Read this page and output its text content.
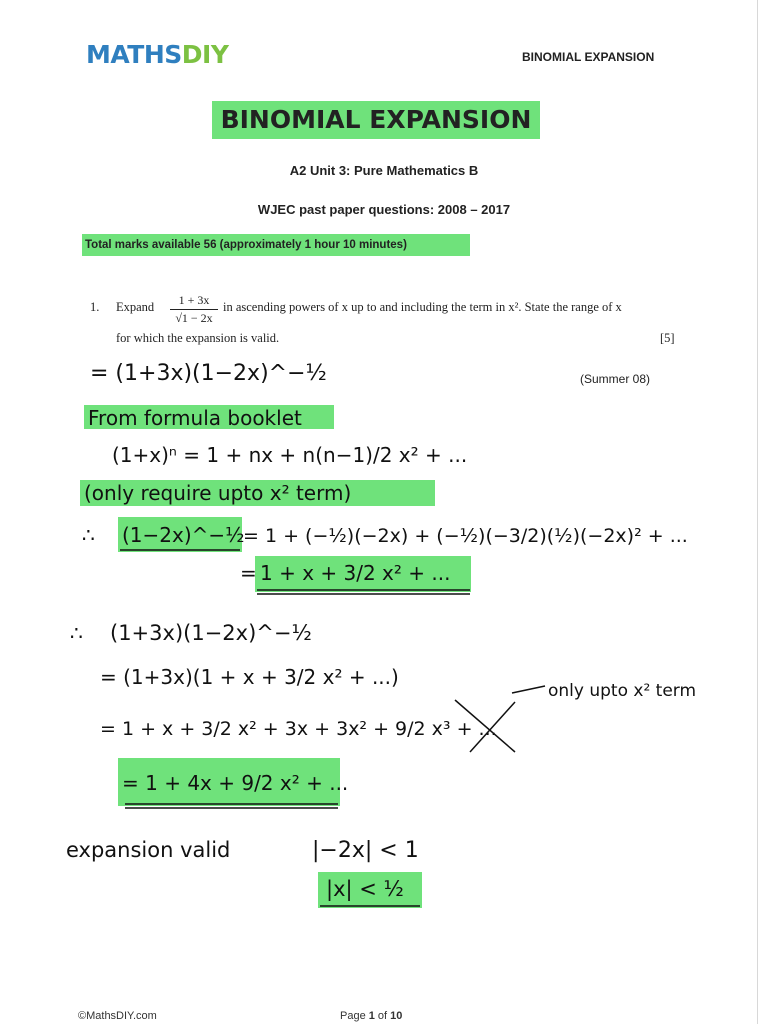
MATHSDIY	BINOMIAL EXPANSION
BINOMIAL EXPANSION
A2 Unit 3: Pure Mathematics B
WJEC past paper questions: 2008 – 2017
Total marks available 56 (approximately 1 hour 10 minutes)
1. Expand	1 + 3x
√1 − 2x
in ascending powers of x up to and including the term in x². State the range of x
for which the expansion is valid.	[5]
(Summer 08)
= (1+3x)(1−2x)^−½
From formula booklet
(1+x)ⁿ = 1 + nx + n(n−1)/2 x² + ...
(only require upto x² term)
∴ (1−2x)^−½
= 1 + (−½)(−2x) + (−½)(−3/2)(½)(−2x)² + ...
= 1 + x + 3/2 x² + ...
∴ (1+3x)(1−2x)^−½
= (1+3x)(1 + x + 3/2 x² + ...)
= 1 + x + 3/2 x² + 3x + 3x² + 9/2 x³ + ...
only upto x² term
= 1 + 4x + 9/2 x² + ...
expansion valid	|−2x| < 1
|x| < ½
©MathsDIY.com	Page 1 of 10
